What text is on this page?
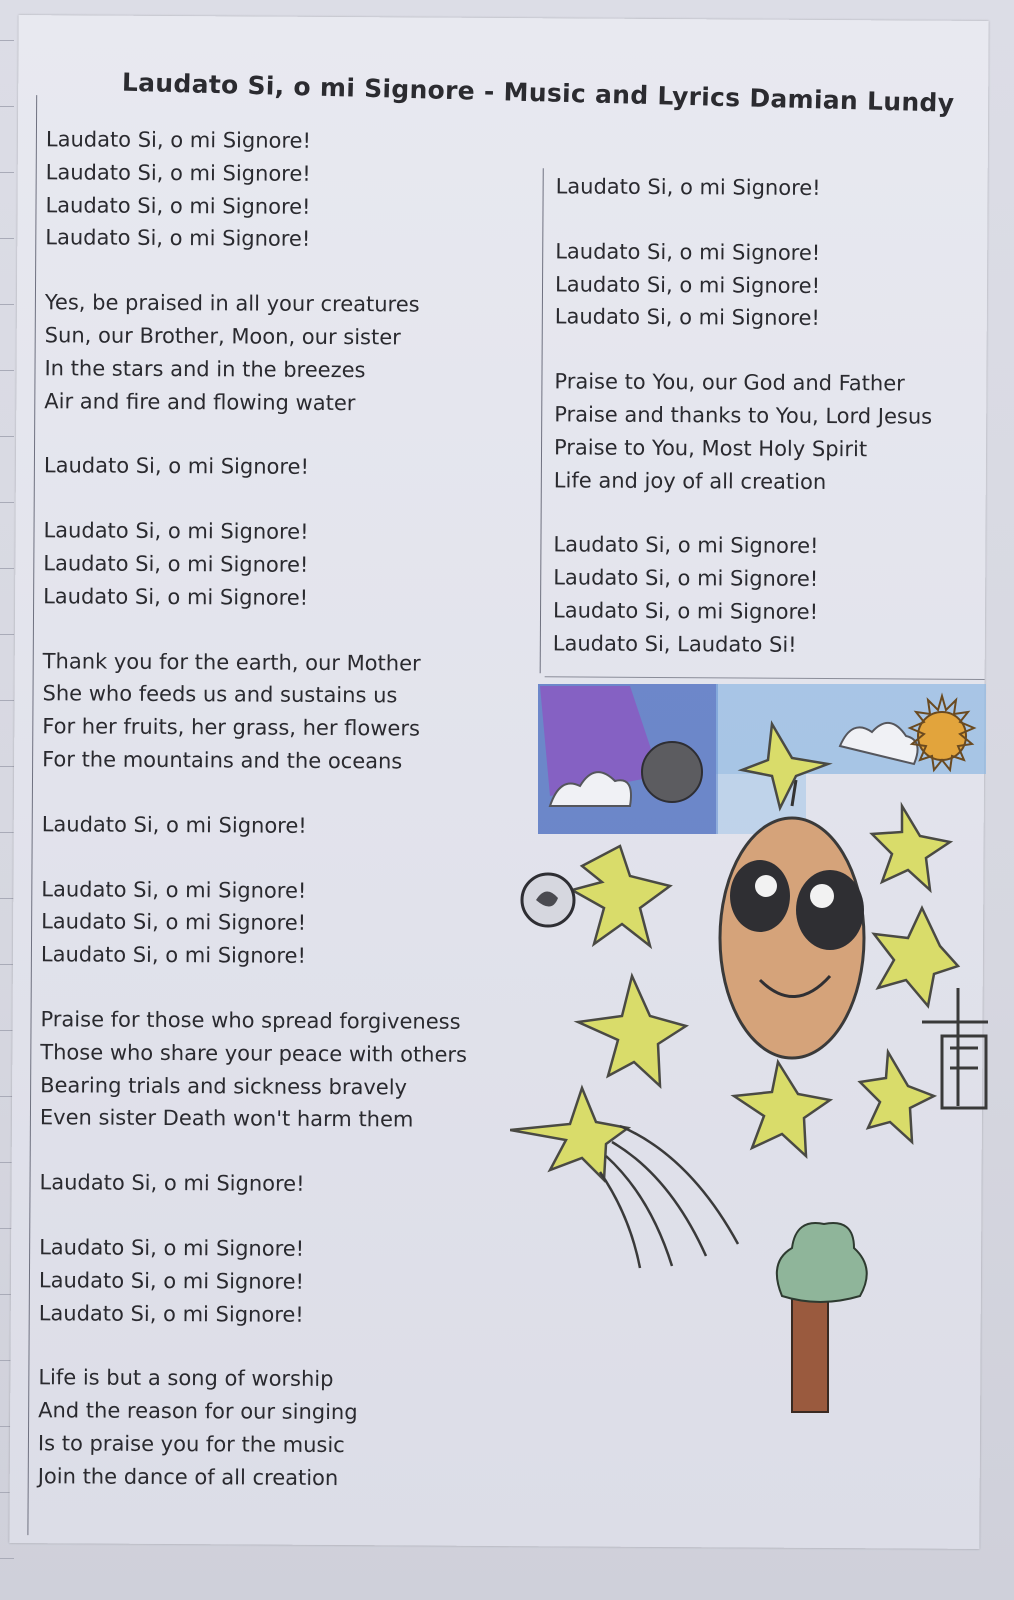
Laudato Si, o mi Signore - Music and Lyrics Damian Lundy
Laudato Si, o mi Signore!
Laudato Si, o mi Signore!
Laudato Si, o mi Signore!
Laudato Si, o mi Signore!
Yes, be praised in all your creatures
Sun, our Brother, Moon, our sister
In the stars and in the breezes
Air and fire and flowing water
Laudato Si, o mi Signore!
Laudato Si, o mi Signore!
Laudato Si, o mi Signore!
Laudato Si, o mi Signore!
Thank you for the earth, our Mother
She who feeds us and sustains us
For her fruits, her grass, her flowers
For the mountains and the oceans
Laudato Si, o mi Signore!
Laudato Si, o mi Signore!
Laudato Si, o mi Signore!
Laudato Si, o mi Signore!
Praise for those who spread forgiveness
Those who share your peace with others
Bearing trials and sickness bravely
Even sister Death won't harm them
Laudato Si, o mi Signore!
Laudato Si, o mi Signore!
Laudato Si, o mi Signore!
Laudato Si, o mi Signore!
Life is but a song of worship
And the reason for our singing
Is to praise you for the music
Join the dance of all creation
Laudato Si, o mi Signore!
Laudato Si, o mi Signore!
Laudato Si, o mi Signore!
Laudato Si, o mi Signore!
Praise to You, our God and Father
Praise and thanks to You, Lord Jesus
Praise to You, Most Holy Spirit
Life and joy of all creation
Laudato Si, o mi Signore!
Laudato Si, o mi Signore!
Laudato Si, o mi Signore!
Laudato Si, Laudato Si!
